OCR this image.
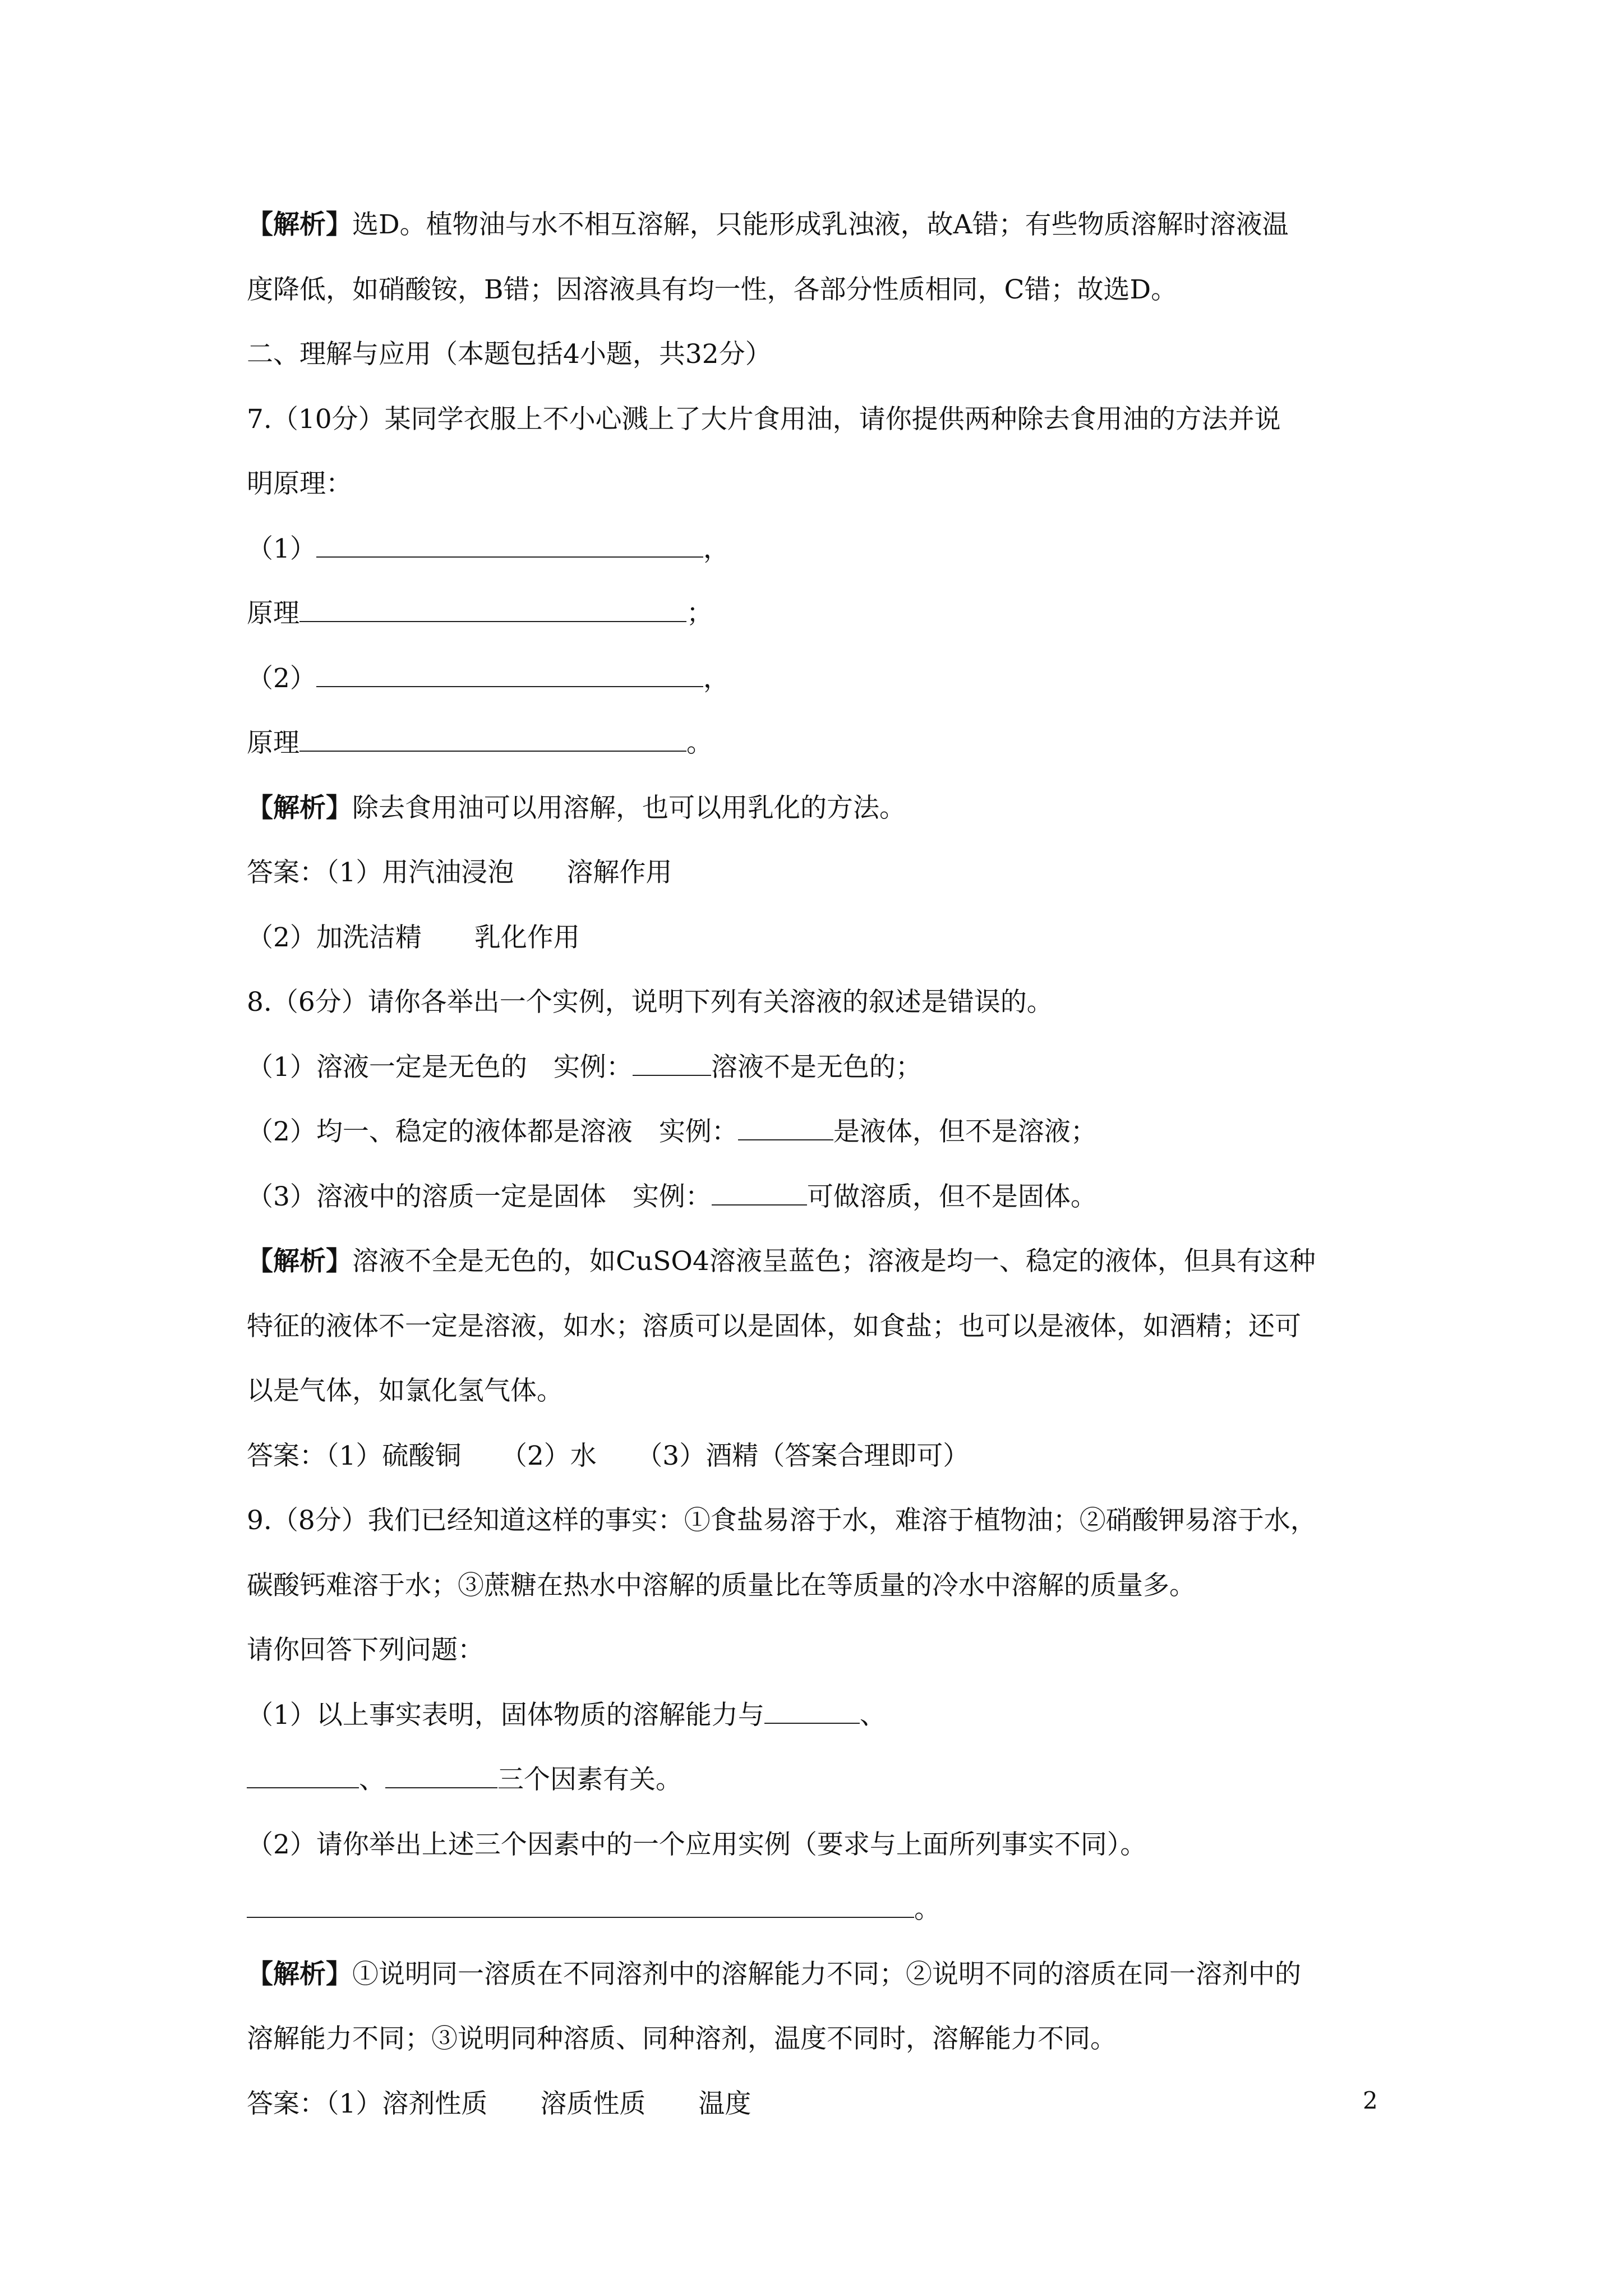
【解析】选D。植物油与水不相互溶解，只能形成乳浊液，故A错；有些物质溶解时溶液温
度降低，如硝酸铵，B错；因溶液具有均一性，各部分性质相同，C错；故选D。
二、理解与应用（本题包括4小题，共32分）
7.（10分）某同学衣服上不小心溅上了大片食用油，请你提供两种除去食用油的方法并说
明原理：
（1）	，
原理	；
（2）	，
原理	。
【解析】除去食用油可以用溶解，也可以用乳化的方法。
答案：（1）用汽油浸泡　　溶解作用
（2）加洗洁精　　乳化作用
8.（6分）请你各举出一个实例，说明下列有关溶液的叙述是错误的。
（1）溶液一定是无色的　实例：	溶液不是无色的；
（2）均一、稳定的液体都是溶液　实例：	是液体，但不是溶液；
（3）溶液中的溶质一定是固体　实例：	可做溶质，但不是固体。
【解析】溶液不全是无色的，如CuSO4溶液呈蓝色；溶液是均一、稳定的液体，但具有这种
特征的液体不一定是溶液，如水；溶质可以是固体，如食盐；也可以是液体，如酒精；还可
以是气体，如氯化氢气体。
答案：（1）硫酸铜　　（2）水　　（3）酒精（答案合理即可）
9.（8分）我们已经知道这样的事实：①食盐易溶于水，难溶于植物油；②硝酸钾易溶于水，
碳酸钙难溶于水；③蔗糖在热水中溶解的质量比在等质量的冷水中溶解的质量多。
请你回答下列问题：
（1）以上事实表明，固体物质的溶解能力与	、
、	三个因素有关。
（2）请你举出上述三个因素中的一个应用实例（要求与上面所列事实不同）。
。
【解析】①说明同一溶质在不同溶剂中的溶解能力不同；②说明不同的溶质在同一溶剂中的
溶解能力不同；③说明同种溶质、同种溶剂，温度不同时，溶解能力不同。
答案：（1）溶剂性质　　溶质性质　　温度	2
